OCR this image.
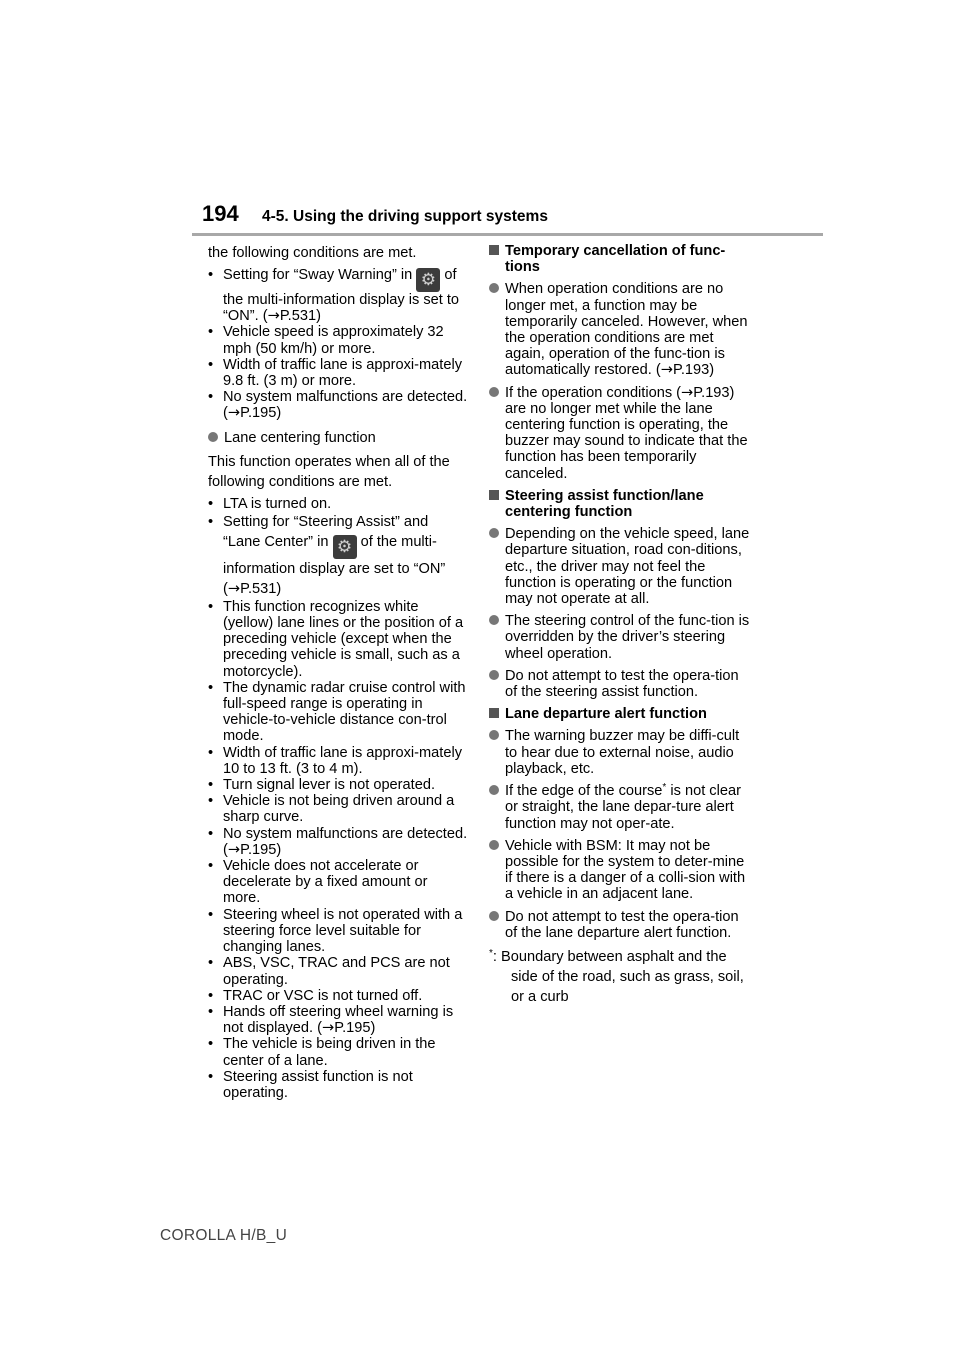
194 4-5. Using the driving support systems
the following conditions are met.
• Setting for “Sway Warning” in ⚙ of the multi-information display is set to “ON”. (→P.531)
• Vehicle speed is approximately 32 mph (50 km/h) or more.
• Width of traffic lane is approxi-mately 9.8 ft. (3 m) or more.
• No system malfunctions are detected. (→P.195)
Lane centering function
This function operates when all of the following conditions are met.
• LTA is turned on.
• Setting for “Steering Assist” and “Lane Center” in ⚙ of the multi-information display are set to “ON” (→P.531)
• This function recognizes white (yellow) lane lines or the position of a preceding vehicle (except when the preceding vehicle is small, such as a motorcycle).
• The dynamic radar cruise control with full-speed range is operating in vehicle-to-vehicle distance con-trol mode.
• Width of traffic lane is approxi-mately 10 to 13 ft. (3 to 4 m).
• Turn signal lever is not operated.
• Vehicle is not being driven around a sharp curve.
• No system malfunctions are detected. (→P.195)
• Vehicle does not accelerate or decelerate by a fixed amount or more.
• Steering wheel is not operated with a steering force level suitable for changing lanes.
• ABS, VSC, TRAC and PCS are not operating.
• TRAC or VSC is not turned off.
• Hands off steering wheel warning is not displayed. (→P.195)
• The vehicle is being driven in the center of a lane.
• Steering assist function is not operating.
Temporary cancellation of func-tions
When operation conditions are no longer met, a function may be temporarily canceled. However, when the operation conditions are met again, operation of the func-tion is automatically restored. (→P.193)
If the operation conditions (→P.193) are no longer met while the lane centering function is operating, the buzzer may sound to indicate that the function has been temporarily canceled.
Steering assist function/lane centering function
Depending on the vehicle speed, lane departure situation, road con-ditions, etc., the driver may not feel the function is operating or the function may not operate at all.
The steering control of the func-tion is overridden by the driver’s steering wheel operation.
Do not attempt to test the opera-tion of the steering assist function.
Lane departure alert function
The warning buzzer may be diffi-cult to hear due to external noise, audio playback, etc.
If the edge of the course* is not clear or straight, the lane depar-ture alert function may not oper-ate.
Vehicle with BSM: It may not be possible for the system to deter-mine if there is a danger of a colli-sion with a vehicle in an adjacent lane.
Do not attempt to test the opera-tion of the lane departure alert function.
*: Boundary between asphalt and the side of the road, such as grass, soil, or a curb
COROLLA H/B_U
